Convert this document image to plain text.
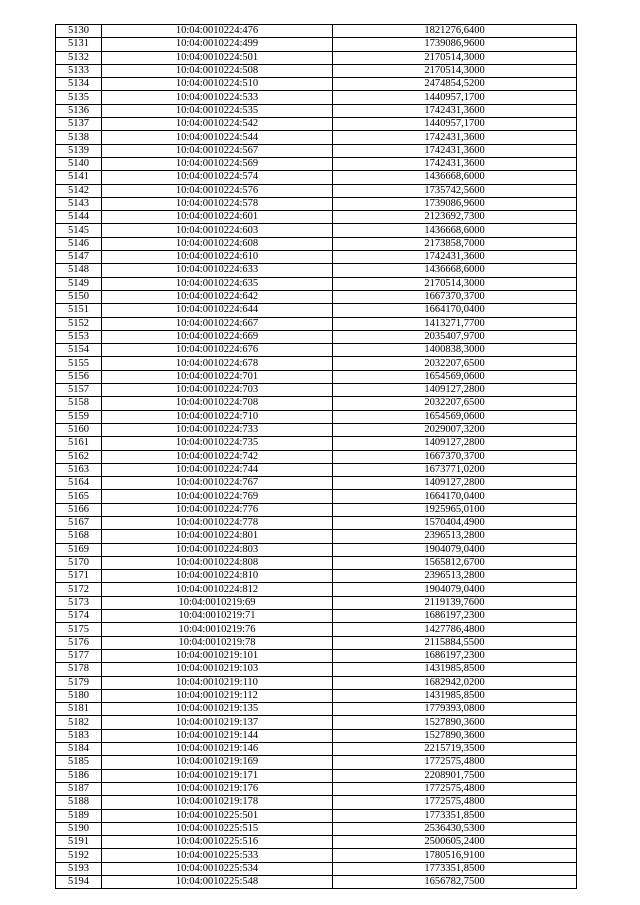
5130	10:04:0010224:476	1821276,6400
5131	10:04:0010224:499	1739086,9600
5132	10:04:0010224:501	2170514,3000
5133	10:04:0010224:508	2170514,3000
5134	10:04:0010224:510	2474854,5200
5135	10:04:0010224:533	1440957,1700
5136	10:04:0010224:535	1742431,3600
5137	10:04:0010224:542	1440957,1700
5138	10:04:0010224:544	1742431,3600
5139	10:04:0010224:567	1742431,3600
5140	10:04:0010224:569	1742431,3600
5141	10:04:0010224:574	1436668,6000
5142	10:04:0010224:576	1735742,5600
5143	10:04:0010224:578	1739086,9600
5144	10:04:0010224:601	2123692,7300
5145	10:04:0010224:603	1436668,6000
5146	10:04:0010224:608	2173858,7000
5147	10:04:0010224:610	1742431,3600
5148	10:04:0010224:633	1436668,6000
5149	10:04:0010224:635	2170514,3000
5150	10:04:0010224:642	1667370,3700
5151	10:04:0010224:644	1664170,0400
5152	10:04:0010224:667	1413271,7700
5153	10:04:0010224:669	2035407,9700
5154	10:04:0010224:676	1400838,3000
5155	10:04:0010224:678	2032207,6500
5156	10:04:0010224:701	1654569,0600
5157	10:04:0010224:703	1409127,2800
5158	10:04:0010224:708	2032207,6500
5159	10:04:0010224:710	1654569,0600
5160	10:04:0010224:733	2029007,3200
5161	10:04:0010224:735	1409127,2800
5162	10:04:0010224:742	1667370,3700
5163	10:04:0010224:744	1673771,0200
5164	10:04:0010224:767	1409127,2800
5165	10:04:0010224:769	1664170,0400
5166	10:04:0010224:776	1925965,0100
5167	10:04:0010224:778	1570404,4900
5168	10:04:0010224:801	2396513,2800
5169	10:04:0010224:803	1904079,0400
5170	10:04:0010224:808	1565812,6700
5171	10:04:0010224:810	2396513,2800
5172	10:04:0010224:812	1904079,0400
5173	10:04:0010219:69	2119139,7600
5174	10:04:0010219:71	1686197,2300
5175	10:04:0010219:76	1427786,4800
5176	10:04:0010219:78	2115884,5500
5177	10:04:0010219:101	1686197,2300
5178	10:04:0010219:103	1431985,8500
5179	10:04:0010219:110	1682942,0200
5180	10:04:0010219:112	1431985,8500
5181	10:04:0010219:135	1779393,0800
5182	10:04:0010219:137	1527890,3600
5183	10:04:0010219:144	1527890,3600
5184	10:04:0010219:146	2215719,3500
5185	10:04:0010219:169	1772575,4800
5186	10:04:0010219:171	2208901,7500
5187	10:04:0010219:176	1772575,4800
5188	10:04:0010219:178	1772575,4800
5189	10:04:0010225:501	1773351,8500
5190	10:04:0010225:515	2536430,5300
5191	10:04:0010225:516	2500605,2400
5192	10:04:0010225:533	1780516,9100
5193	10:04:0010225:534	1773351,8500
5194	10:04:0010225:548	1656782,7500
